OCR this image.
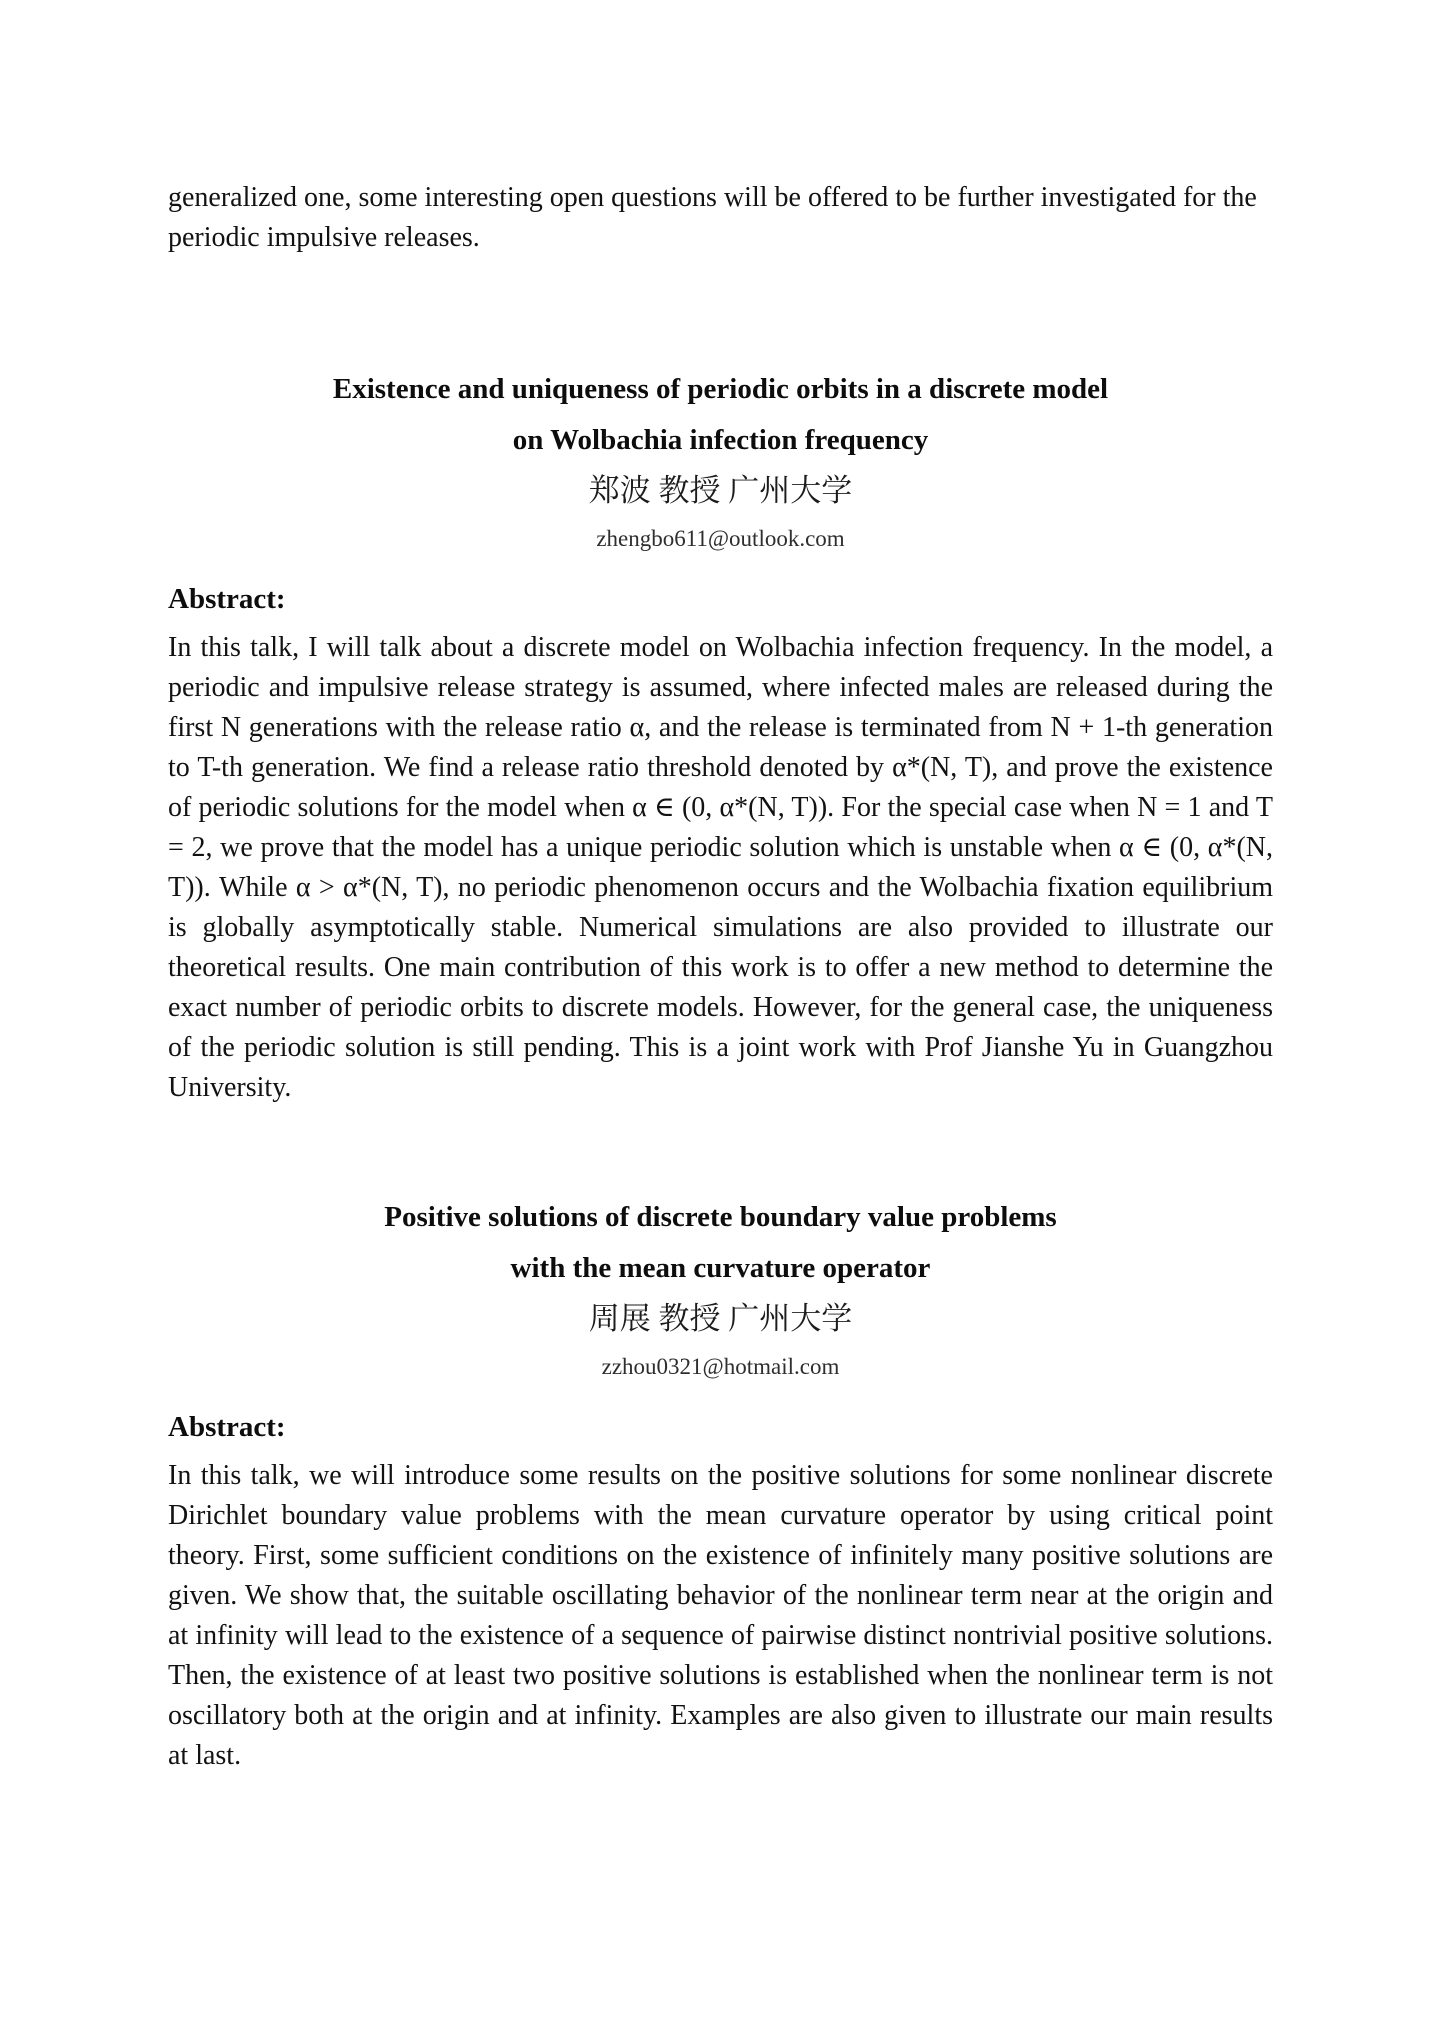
generalized one, some interesting open questions will be offered to be further investigated for the periodic impulsive releases.

Existence and uniqueness of periodic orbits in a discrete model
on Wolbachia infection frequency
郑波 教授 广州大学
zhengbo611@outlook.com
Abstract:

In this talk, I will talk about a discrete model on Wolbachia infection frequency. In the model, a periodic and impulsive release strategy is assumed, where infected males are released during the first N generations with the release ratio α, and the release is terminated from N + 1-th generation to T-th generation. We find a release ratio threshold denoted by α*(N, T), and prove the existence of periodic solutions for the model when α ∈ (0, α*(N, T)). For the special case when N = 1 and T = 2, we prove that the model has a unique periodic solution which is unstable when α ∈ (0, α*(N, T)). While α > α*(N, T), no periodic phenomenon occurs and the Wolbachia fixation equilibrium is globally asymptotically stable. Numerical simulations are also provided to illustrate our theoretical results. One main contribution of this work is to offer a new method to determine the exact number of periodic orbits to discrete models. However, for the general case, the uniqueness of the periodic solution is still pending. This is a joint work with Prof Jianshe Yu in Guangzhou University.

Positive solutions of discrete boundary value problems
with the mean curvature operator
周展 教授 广州大学
zzhou0321@hotmail.com
Abstract:

In this talk, we will introduce some results on the positive solutions for some nonlinear discrete Dirichlet boundary value problems with the mean curvature operator by using critical point theory. First, some sufficient conditions on the existence of infinitely many positive solutions are given. We show that, the suitable oscillating behavior of the nonlinear term near at the origin and at infinity will lead to the existence of a sequence of pairwise distinct nontrivial positive solutions. Then, the existence of at least two positive solutions is established when the nonlinear term is not oscillatory both at the origin and at infinity. Examples are also given to illustrate our main results at last.
